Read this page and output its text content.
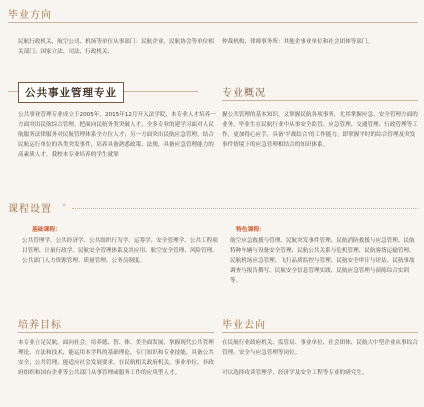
毕业方向
民航行政机关，航空公司、机场等单位从事部门：民航企业、民航协会等单位相关部门；国家立法、司法、行政机关；
仲裁机构、律师事务所：其他企事业单位和社会团体等部门。
公共事业管理专业	专业概况
公共事业管理专业成立于2005年。2015年12月开入法学院，本专业人才培养一方面突出民航综合管理，把面向民航务类突破人才，全多专业的建学习面对人民航服务法律服务对民航管理体系全方位人才；另一方面突出民航应急管理，结合民航运行单位的各类突发事件，培养具备熟悉政策、法规，具备应急管理能力的高素质人才，我校本专业培养的学生就掌
握公共管理的基本知识，又掌握民航各项事务，尤其掌握应急、安全管理方面的业务，毕业生在民航行业中从事安全监管、应急管理、交通管理、行政管理等工作，更加得心应手，具备'平战结合'的工作能力，即掌握平时的综合管理及突发事件情境下的应急管理相结合的知识体系。
课程设置 »
基础课程：
公共管理学、公共经济学、公共组织行为学、运筹学、安全管理学、公共工程项目管理、计量行政学、民航安全管理体系及其应用、航空安全管理、风险管理、公共部门人力资源管理、质量管理、公务员制度。
特色课程：
航空应急救援与管理、民航突发事件管理、民航消防救援与应急管理、民航特种车辆与设备安全管理、民航公共关系与危机管理、民航客货运输管理、民航机场应急管理、飞行品质监控与管理、民航安全审计与评估、民航事故调查与报告撰写、民航安全信息管理实践、民航应急管理与演练综合实训等。
培养目标
本专业立足民航，面向社会，培养德、智、体、美全面发展，掌握现代公共管理理论、方法和技术，能运用本学科的基础理论、专门知识和专业技能，具备公共安全、公共管理、能适应社会发展要求，在民航相关政府机关、事业单位、非政府组织和国有企业等公共部门从事管理或服务工作的应用型人才。
毕业去向
在民航行业政府机关、监管局、事业单位、社会团体、民航大中型企业从事综合管理、安全与应急管理等岗位。
可以选择攻读管理学、经济学及安全工程等专业的研究生。
